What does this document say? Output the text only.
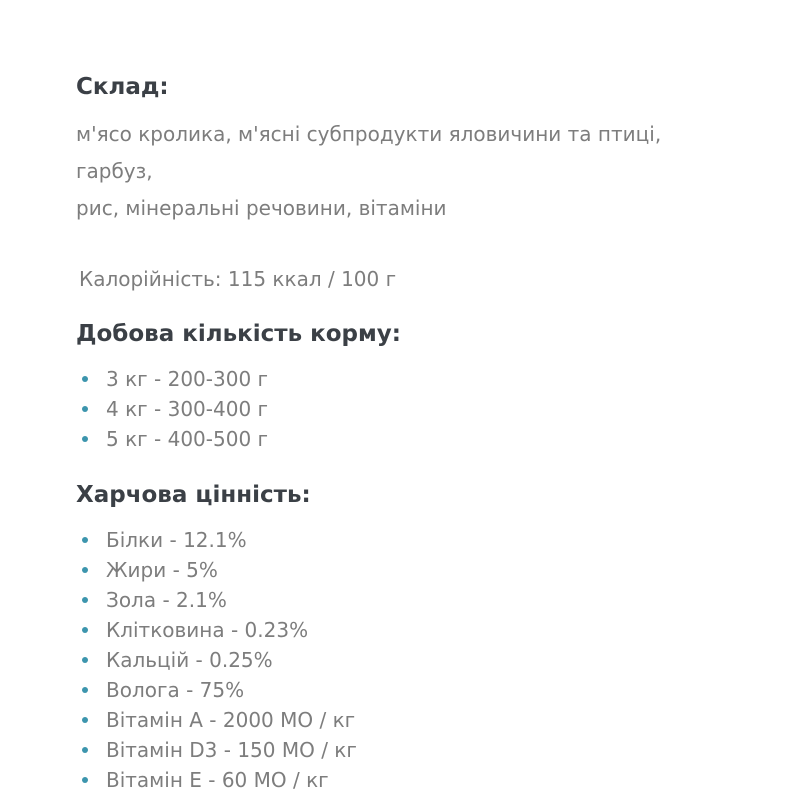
Склад:

м'ясо кролика, м'ясні субпродукти яловичини та птиці, гарбуз,
рис, мінеральні речовини, вітаміни

Калорійність: 115 ккал / 100 г

Добова кількість корму:
3 кг - 200-300 г
4 кг - 300-400 г
5 кг - 400-500 г
Харчова цінність:
Білки - 12.1%
Жири - 5%
Зола - 2.1%
Клітковина - 0.23%
Кальцій - 0.25%
Волога - 75%
Вітамін A - 2000 МО / кг
Вітамін D3 - 150 МО / кг
Вітамін E - 60 МО / кг
